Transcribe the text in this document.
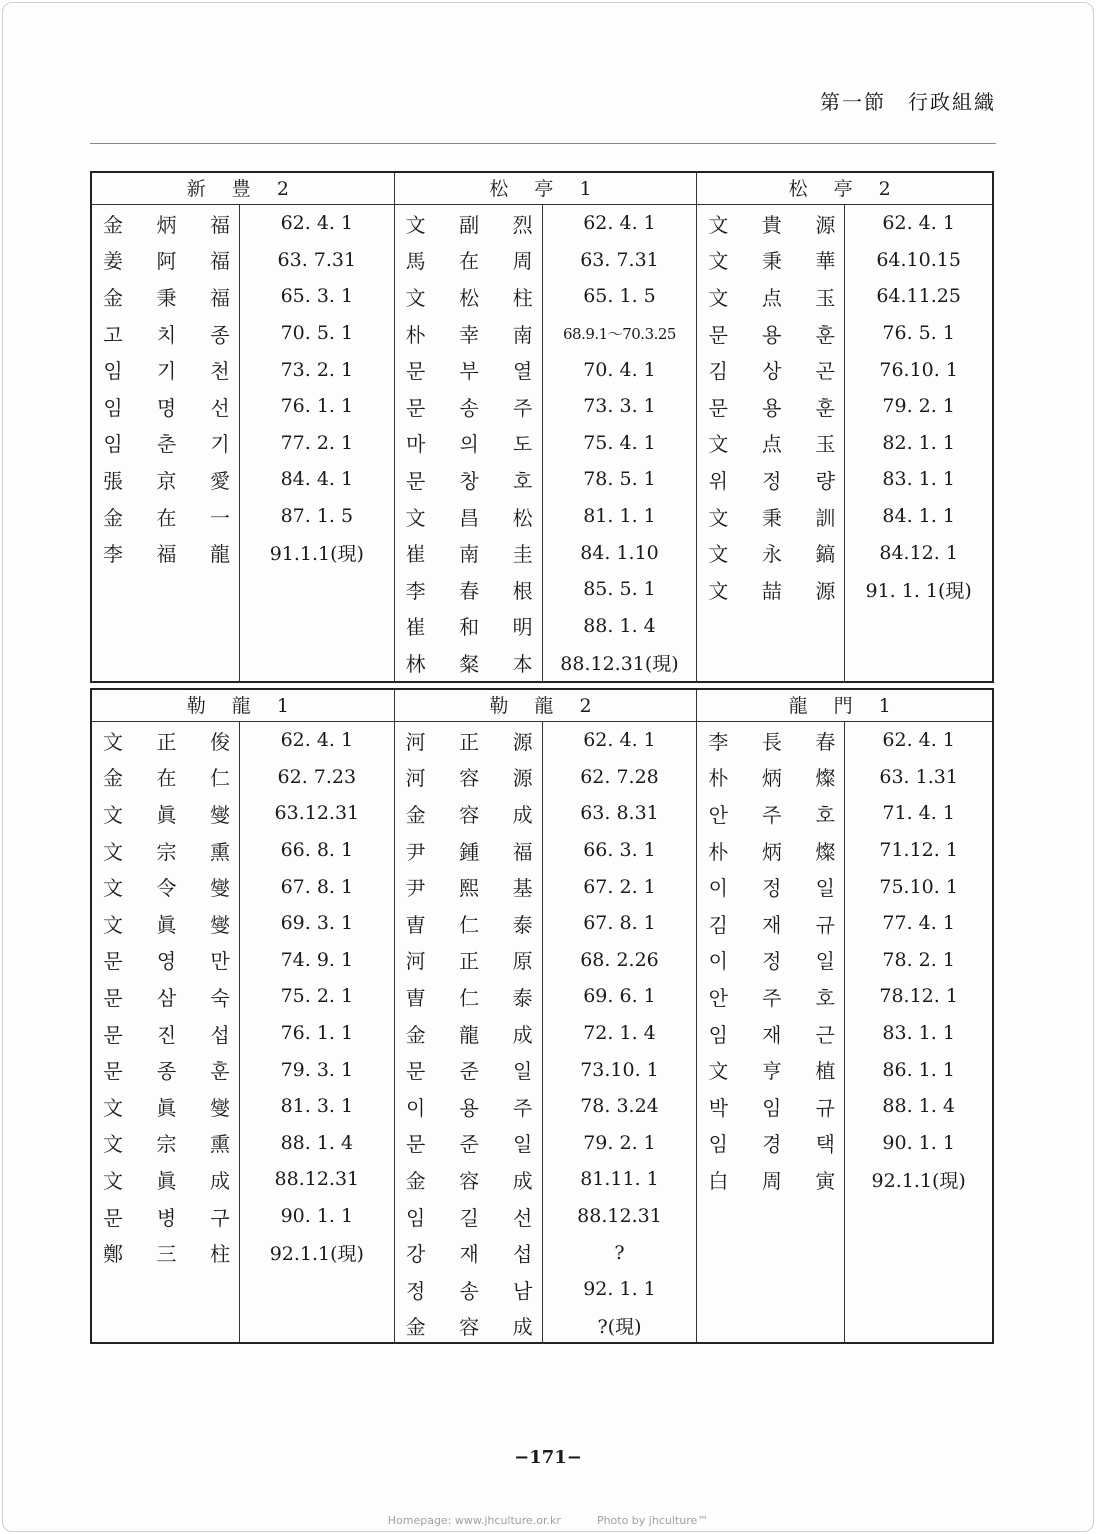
第一節 行政組織
新 豊 2
金 炳 福
姜 阿 福
金 秉 福
고 치 종
임 기 천
임 명 선
임 춘 기
張 京 愛
金 在 一
李 福 龍
62. 4. 1
63. 7.31
65. 3. 1
70. 5. 1
73. 2. 1
76. 1. 1
77. 2. 1
84. 4. 1
87. 1. 5
91.1.1(現)
松 亭 1
文 副 烈
馬 在 周
文 松 柱
朴 幸 南
문 부 열
문 송 주
마 의 도
문 창 호
文 昌 松
崔 南 圭
李 春 根
崔 和 明
林 粲 本
62. 4. 1
63. 7.31
65. 1. 5
68.9.1～70.3.25
70. 4. 1
73. 3. 1
75. 4. 1
78. 5. 1
81. 1. 1
84. 1.10
85. 5. 1
88. 1. 4
88.12.31(現)
松 亭 2
文 貴 源
文 秉 華
文 点 玉
문 용 훈
김 상 곤
문 용 훈
文 点 玉
위 정 량
文 秉 訓
文 永 鎬
文 喆 源
62. 4. 1
64.10.15
64.11.25
76. 5. 1
76.10. 1
79. 2. 1
82. 1. 1
83. 1. 1
84. 1. 1
84.12. 1
91. 1. 1(現)
勒 龍 1
文 正 俊
金 在 仁
文 眞 燮
文 宗 熏
文 令 燮
文 眞 燮
문 영 만
문 삼 숙
문 진 섭
문 종 훈
文 眞 燮
文 宗 熏
文 眞 成
문 병 구
鄭 三 柱
62. 4. 1
62. 7.23
63.12.31
66. 8. 1
67. 8. 1
69. 3. 1
74. 9. 1
75. 2. 1
76. 1. 1
79. 3. 1
81. 3. 1
88. 1. 4
88.12.31
90. 1. 1
92.1.1(現)
勒 龍 2
河 正 源
河 容 源
金 容 成
尹 鍾 福
尹 熙 基
曺 仁 泰
河 正 原
曺 仁 泰
金 龍 成
문 준 일
이 용 주
문 준 일
金 容 成
임 길 선
강 재 섭
정 송 남
金 容 成
62. 4. 1
62. 7.28
63. 8.31
66. 3. 1
67. 2. 1
67. 8. 1
68. 2.26
69. 6. 1
72. 1. 4
73.10. 1
78. 3.24
79. 2. 1
81.11. 1
88.12.31
?
92. 1. 1
?(現)
龍 門 1
李 長 春
朴 炳 燦
안 주 호
朴 炳 燦
이 정 일
김 재 규
이 정 일
안 주 호
임 재 근
文 亨 植
박 임 규
임 경 택
白 周 寅
62. 4. 1
63. 1.31
71. 4. 1
71.12. 1
75.10. 1
77. 4. 1
78. 2. 1
78.12. 1
83. 1. 1
86. 1. 1
88. 1. 4
90. 1. 1
92.1.1(現)
−171−
Homepage: www.jhculture.or.kr	Photo by jhculture™
